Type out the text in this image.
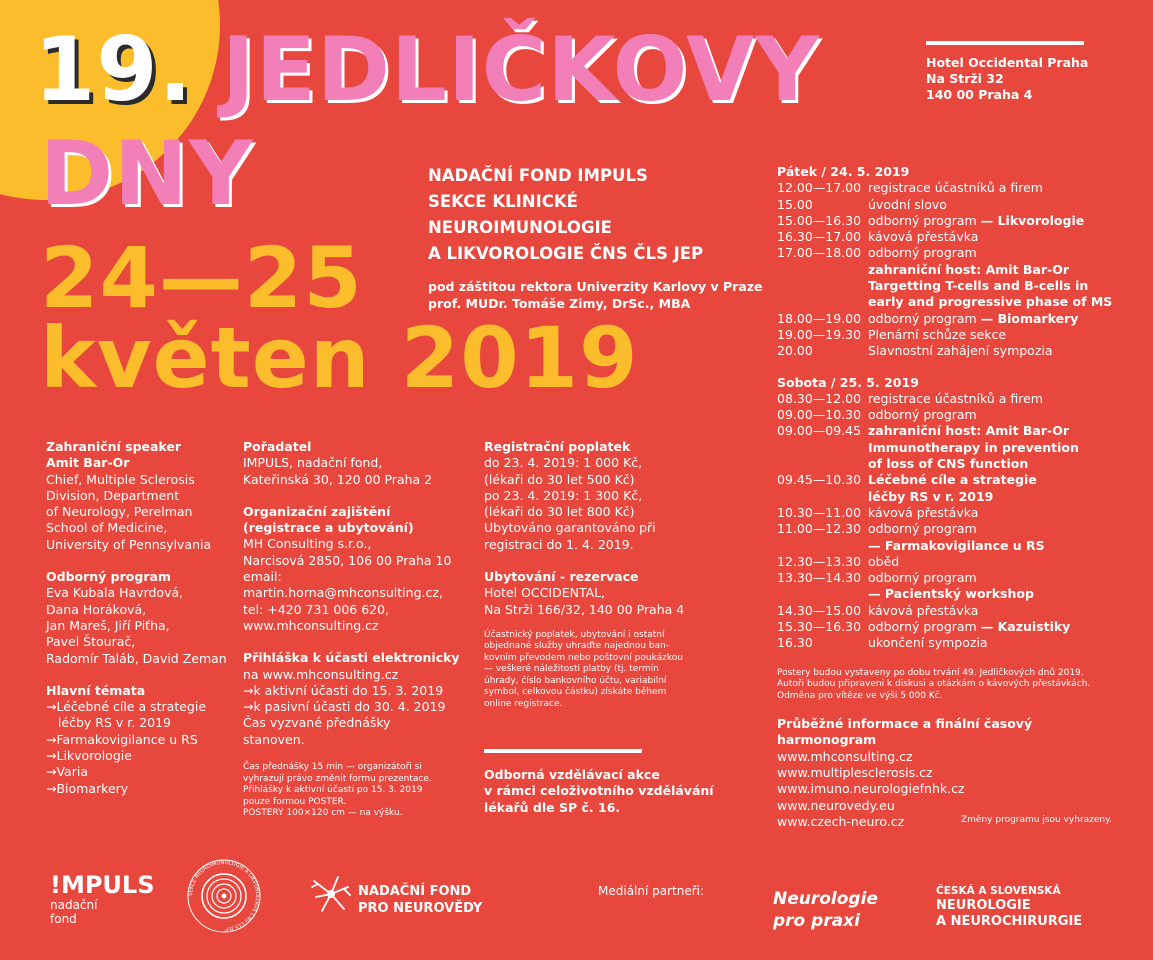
19. JEDLIČKOVY
DNY
24—25
květen 2019
Hotel Occidental Praha
Na Strži 32
140 00 Praha 4
NADAČNÍ FOND IMPULS
SEKCE KLINICKÉ
NEUROIMUNOLOGIE
A LIKVOROLOGIE ČNS ČLS JEP
pod záštitou rektora Univerzity Karlovy v Praze
prof. MUDr. Tomáše Zimy, DrSc., MBA
Zahraniční speaker
Amit Bar-Or
Chief, Multiple Sclerosis
Division, Department
of Neurology, Perelman
School of Medicine,
University of Pennsylvania
Odborný program
Eva Kubala Havrdová,
Dana Horáková,
Jan Mareš, Jiří Piťha,
Pavel Štourač,
Radomír Taláb, David Zeman
Hlavní témata
→Léčebné cíle a strategie
léčby RS v r. 2019
→Farmakovigilance u RS
→Likvorologie
→Varia
→Biomarkery
Pořadatel
IMPULS, nadační fond,
Kateřinská 30, 120 00 Praha 2
Organizační zajištění
(registrace a ubytování)
MH Consulting s.r.o.,
Narcisová 2850, 106 00 Praha 10
email:
martin.horna@mhconsulting.cz,
tel: +420 731 006 620,
www.mhconsulting.cz
Přihláška k účasti elektronicky
na www.mhconsulting.cz
→k aktivní účasti do 15. 3. 2019
→k pasivní účasti do 30. 4. 2019
Čas vyzvané přednášky
stanoven.
Čas přednášky 15 min — organizátoři si
vyhrazují právo změnit formu prezentace.
Přihlášky k aktivní účasti po 15. 3. 2019
pouze formou POSTER.
POSTERY 100×120 cm — na výšku.
Registrační poplatek
do 23. 4. 2019: 1 000 Kč,
(lékaři do 30 let 500 Kč)
po 23. 4. 2019: 1 300 Kč,
(lékaři do 30 let 800 Kč)
Ubytováno garantováno při
registraci do 1. 4. 2019.
Ubytování - rezervace
Hotel OCCIDENTAL,
Na Strži 166/32, 140 00 Praha 4
Účastnický poplatek, ubytování i ostatní
objednané služby uhraďte najednou ban-
kovním převodem nebo poštovní poukázkou
— veškeré náležitosti platby (tj. termín
úhrady, číslo bankovního účtu, variabilní
symbol, celkovou částku) získáte během
online registrace.
Odborná vzdělávací akce
v rámci celoživotního vzdělávání
lékařů dle SP č. 16.
Pátek / 24. 5. 2019
12.00—17.00 registrace účastníků a firem
15.00	úvodní slovo
15.00—16.30 odborný program — Likvorologie
16.30—17.00 kávová přestávka
17.00—18.00 odborný program
zahraniční host: Amit Bar-Or
Targetting T-cells and B-cells in
early and progressive phase of MS
18.00—19.00 odborný program — Biomarkery
19.00—19.30 Plenární schůze sekce
20.00	Slavnostní zahájení sympozia
Sobota / 25. 5. 2019
08.30—12.00 registrace účastníků a firem
09.00—10.30 odborný program
09.00—09.45 zahraniční host: Amit Bar-Or
Immunotherapy in prevention
of loss of CNS function
09.45—10.30 Léčebné cíle a strategie
léčby RS v r. 2019
10.30—11.00 kávová přestávka
11.00—12.30 odborný program
— Farmakovigilance u RS
12.30—13.30 oběd
13.30—14.30 odborný program
— Pacientský workshop
14.30—15.00 kávová přestávka
15.30—16.30 odborný program — Kazuistiky
16.30	ukončení sympozia
Postery budou vystaveny po dobu trvání 49. Jedličkových dnů 2019.
Autoři budou připraveni k diskusi a otázkám o kávových přestávkách.
Odměna pro vítěze ve výši 5 000 Kč.
Průběžné informace a finální časový harmonogram
www.mhconsulting.cz
www.multiplesclerosis.cz
www.imuno.neurologiefnhk.cz
www.neurovedy.eu
www.czech-neuro.cz	Změny programu jsou vyhrazeny.
!MPULS
nadační
fond
SEKCE NEUROIMUNOLOGIE A LIKVOROLOGIE ČNS ČLS JEP
NADAČNÍ FOND
PRO NEUROVĚDY
Mediální partneři:	Neurologie
pro praxi
ČESKÁ A SLOVENSKÁ
NEUROLOGIE
A NEUROCHIRURGIE
